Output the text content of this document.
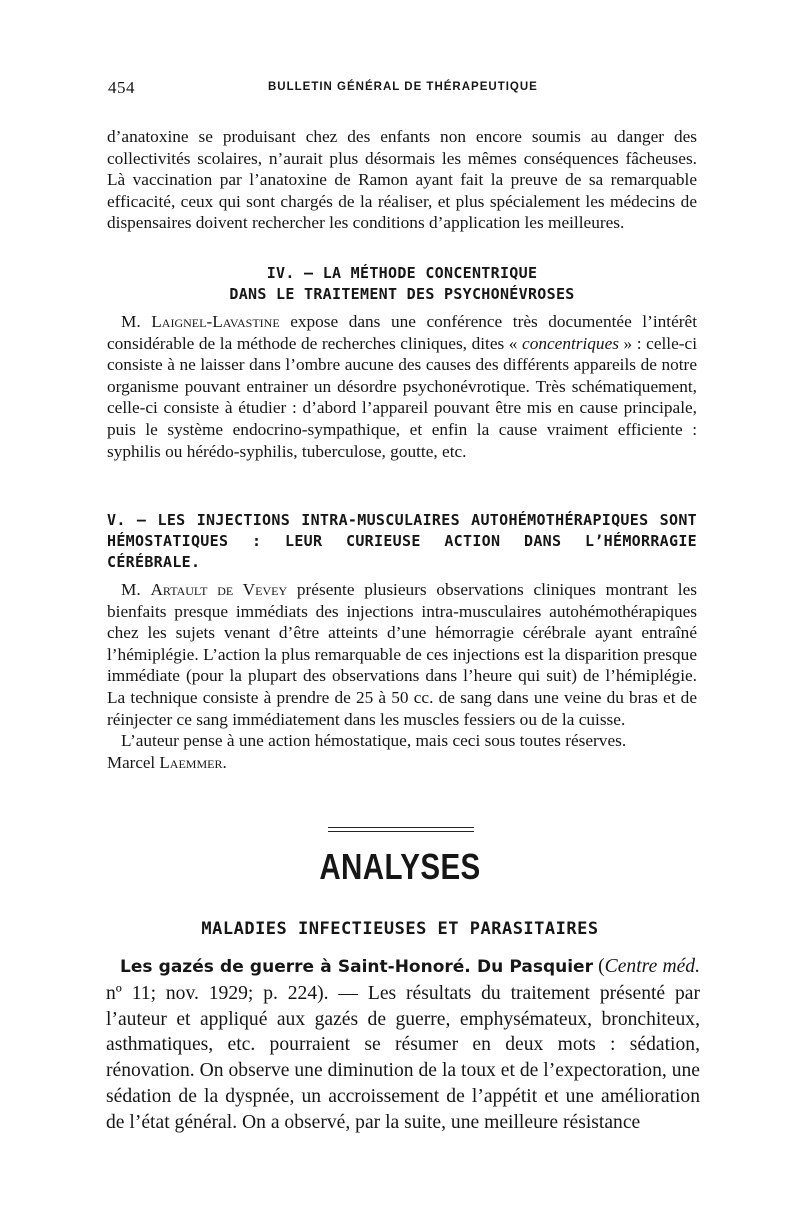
454	BULLETIN GÉNÉRAL DE THÉRAPEUTIQUE

d’anatoxine se produisant chez des enfants non encore soumis au danger des collectivités scolaires, n’aurait plus désormais les mêmes conséquences fâcheuses. Là vaccination par l’anatoxine de Ramon ayant fait la preuve de sa remarquable efficacité, ceux qui sont chargés de la réaliser, et plus spécialement les médecins de dispensaires doivent rechercher les conditions d’application les meilleures.

IV. — LA MÉTHODE CONCENTRIQUE

DANS LE TRAITEMENT DES PSYCHONÉVROSES

M. Laignel-Lavastine expose dans une conférence très documentée l’intérêt considérable de la méthode de recherches cliniques, dites « concentriques » : celle-ci consiste à ne laisser dans l’ombre aucune des causes des différents appareils de notre organisme pouvant entrainer un désordre psychonévrotique. Très schématiquement, celle-ci consiste à étudier : d’abord l’appareil pouvant être mis en cause principale, puis le système endocrino-sympathique, et enfin la cause vraiment efficiente : syphilis ou hérédo-syphilis, tuberculose, goutte, etc.

V. — LES INJECTIONS INTRA-MUSCULAIRES AUTOHÉMOTHÉRAPIQUES SONT HÉMOSTATIQUES : LEUR CURIEUSE ACTION DANS L’HÉMORRAGIE CÉRÉBRALE.

M. Artault de Vevey présente plusieurs observations cliniques montrant les bienfaits presque immédiats des injections intra-musculaires autohémothérapiques chez les sujets venant d’être atteints d’une hémorragie cérébrale ayant entraîné l’hémiplégie. L’action la plus remarquable de ces injections est la disparition presque immédiate (pour la plupart des observations dans l’heure qui suit) de l’hémiplégie. La technique consiste à prendre de 25 à 50 cc. de sang dans une veine du bras et de réinjecter ce sang immédiatement dans les muscles fessiers ou de la cuisse.

L’auteur pense à une action hémostatique, mais ceci sous toutes réserves.

Marcel Laemmer.

ANALYSES
MALADIES INFECTIEUSES ET PARASITAIRES

Les gazés de guerre à Saint-Honoré. Du Pasquier (Centre méd. nº 11; nov. 1929; p. 224). — Les résultats du traitement présenté par l’auteur et appliqué aux gazés de guerre, emphysémateux, bronchiteux, asthmatiques, etc. pourraient se résumer en deux mots : sédation, rénovation. On observe une diminution de la toux et de l’expectoration, une sédation de la dyspnée, un accroissement de l’appétit et une amélioration de l’état général. On a observé, par la suite, une meilleure résistance
